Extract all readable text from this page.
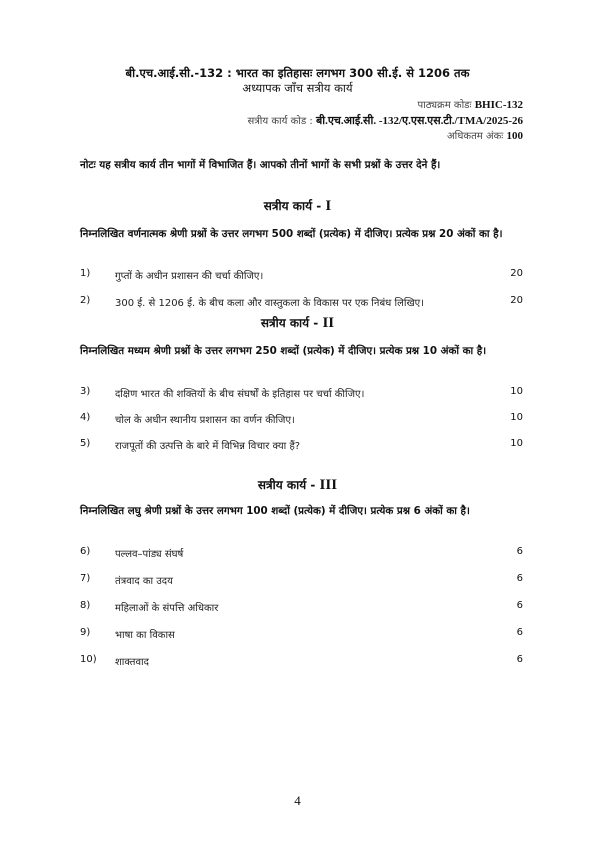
बी.एच.आई.सी.-132 : भारत का इतिहासः लगभग 300 सी.ई. से 1206 तक
अध्यापक जाँच सत्रीय कार्य
पाठ्यक्रम कोडः BHIC-132
सत्रीय कार्य कोड : बी.एच.आई.सी. -132/ए.एस.एस.टी./TMA/2025-26
अधिकतम अंकः 100
नोटः यह सत्रीय कार्य तीन भागों में विभाजित हैं। आपको तीनों भागों के सभी प्रश्नों के उत्तर देने हैं।
सत्रीय कार्य - I
निम्नलिखित वर्णनात्मक श्रेणी प्रश्नों के उत्तर लगभग 500 शब्दों (प्रत्येक) में दीजिए। प्रत्येक प्रश्न 20 अंकों का है।
1) गुप्तों के अधीन प्रशासन की चर्चा कीजिए।	20
2) 300 ई. से 1206 ई. के बीच कला और वास्तुकला के विकास पर एक निबंध लिखिए।	20
सत्रीय कार्य - II
निम्नलिखित मध्यम श्रेणी प्रश्नों के उत्तर लगभग 250 शब्दों (प्रत्येक) में दीजिए। प्रत्येक प्रश्न 10 अंकों का है।
3) दक्षिण भारत की शक्तियों के बीच संघर्षों के इतिहास पर चर्चा कीजिए।	10
4) चोल के अधीन स्थानीय प्रशासन का वर्णन कीजिए।	10
5) राजपूतों की उत्पत्ति के बारे में विभिन्न विचार क्या हैं?	10
सत्रीय कार्य - III
निम्नलिखित लघु श्रेणी प्रश्नों के उत्तर लगभग 100 शब्दों (प्रत्येक) में दीजिए। प्रत्येक प्रश्न 6 अंकों का है।
6) पल्लव–पांड्य संघर्ष	6
7) तंत्रवाद का उदय	6
8) महिलाओं के संपत्ति अधिकार	6
9) भाषा का विकास	6
10) शाक्तवाद	6
4
